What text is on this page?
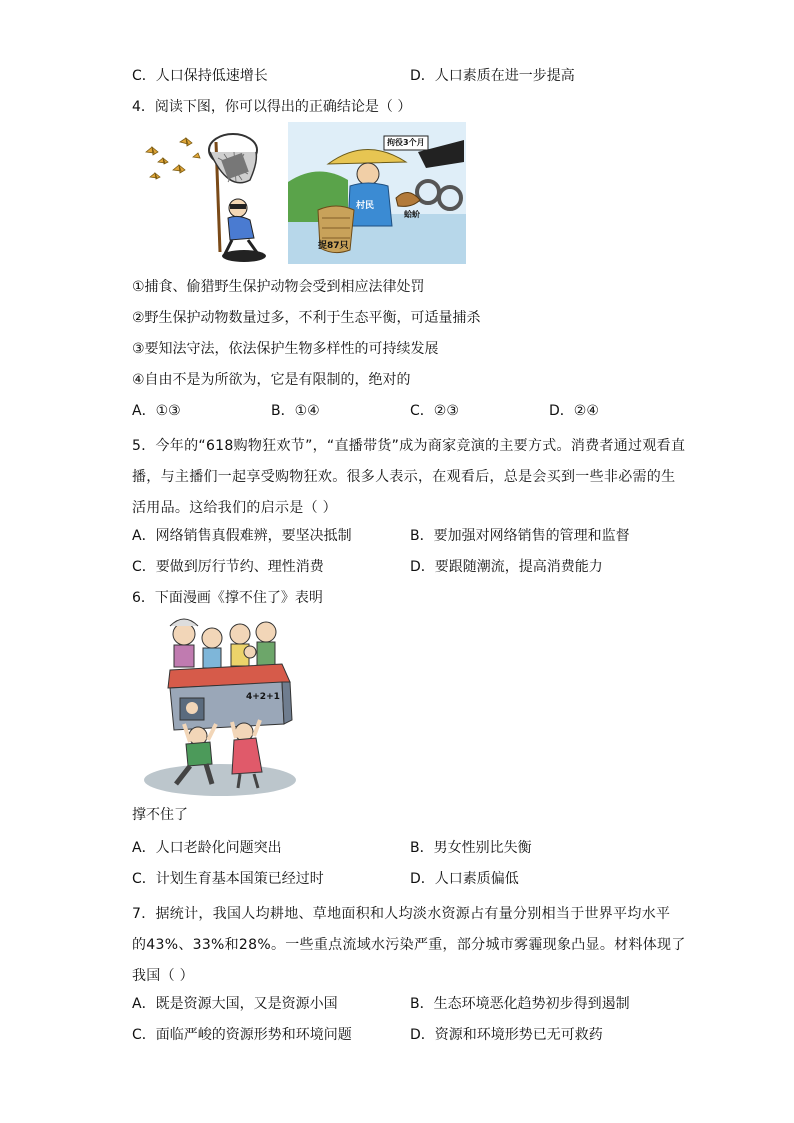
C．人口保持低速增长	D．人口素质在进一步提高
4．阅读下图，你可以得出的正确结论是（ ）
拘役3个月
村民
捉87只
蛤蚧
①捕食、偷猎野生保护动物会受到相应法律处罚
②野生保护动物数量过多，不利于生态平衡，可适量捕杀
③要知法守法，依法保护生物多样性的可持续发展
④自由不是为所欲为，它是有限制的，绝对的
A．①③	B．①④	C．②③	D．②④
5．今年的“618购物狂欢节”，“直播带货”成为商家竞演的主要方式。消费者通过观看直
播，与主播们一起享受购物狂欢。很多人表示，在观看后，总是会买到一些非必需的生
活用品。这给我们的启示是（ ）
A．网络销售真假难辨，要坚决抵制	B．要加强对网络销售的管理和监督
C．要做到厉行节约、理性消费	D．要跟随潮流，提高消费能力
6．下面漫画《撑不住了》表明
4+2+1
撑不住了
A．人口老龄化问题突出	B．男女性别比失衡
C．计划生育基本国策已经过时	D．人口素质偏低
7．据统计，我国人均耕地、草地面积和人均淡水资源占有量分别相当于世界平均水平
的43%、33%和28%。一些重点流域水污染严重，部分城市雾霾现象凸显。材料体现了
我国（ ）
A．既是资源大国，又是资源小国	B．生态环境恶化趋势初步得到遏制
C．面临严峻的资源形势和环境问题	D．资源和环境形势已无可救药
